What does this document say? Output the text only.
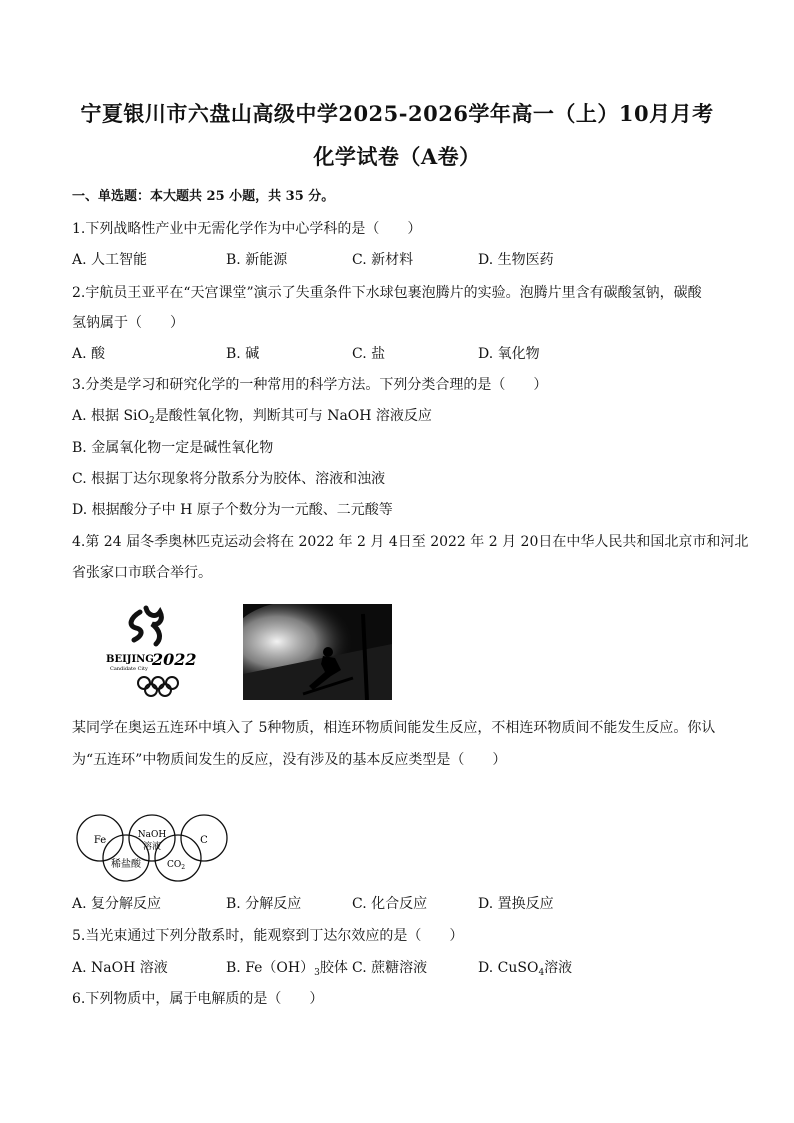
宁夏银川市六盘山高级中学2025-2026学年高一（上）10月月考
化学试卷（A卷）
一、单选题：本大题共 25 小题，共 35 分。
1.下列战略性产业中无需化学作为中心学科的是（　　）
A. 人工智能	B. 新能源	C. 新材料	D. 生物医药
2.宇航员王亚平在“天宫课堂”演示了失重条件下水球包裹泡腾片的实验。泡腾片里含有碳酸氢钠，碳酸
氢钠属于（　　）
A. 酸	B. 碱	C. 盐	D. 氧化物
3.分类是学习和研究化学的一种常用的科学方法。下列分类合理的是（　　）
A. 根据 SiO$_2$是酸性氧化物，判断其可与 NaOH 溶液反应
B. 金属氧化物一定是碱性氧化物
C. 根据丁达尔现象将分散系分为胶体、溶液和浊液
D. 根据酸分子中 H 原子个数分为一元酸、二元酸等
4.第 24 届冬季奥林匹克运动会将在 2022 年 2 月 4日至 2022 年 2 月 20日在中华人民共和国北京市和河北
省张家口市联合举行。
BEIJING
2022
Candidate City
某同学在奥运五连环中填入了 5种物质，相连环物质间能发生反应，不相连环物质间不能发生反应。你认
为“五连环”中物质间发生的反应，没有涉及的基本反应类型是（　　）
Fe	NaOH
溶液
C
稀盐酸	$CO_2$
A. 复分解反应	B. 分解反应	C. 化合反应	D. 置换反应
5.当光束通过下列分散系时，能观察到丁达尔效应的是（　　）
A. NaOH 溶液	B. $Fe(OH)_3$胶体 C. 蔗糖溶液	D. CuSO$_4$溶液
6.下列物质中，属于电解质的是（　　）
